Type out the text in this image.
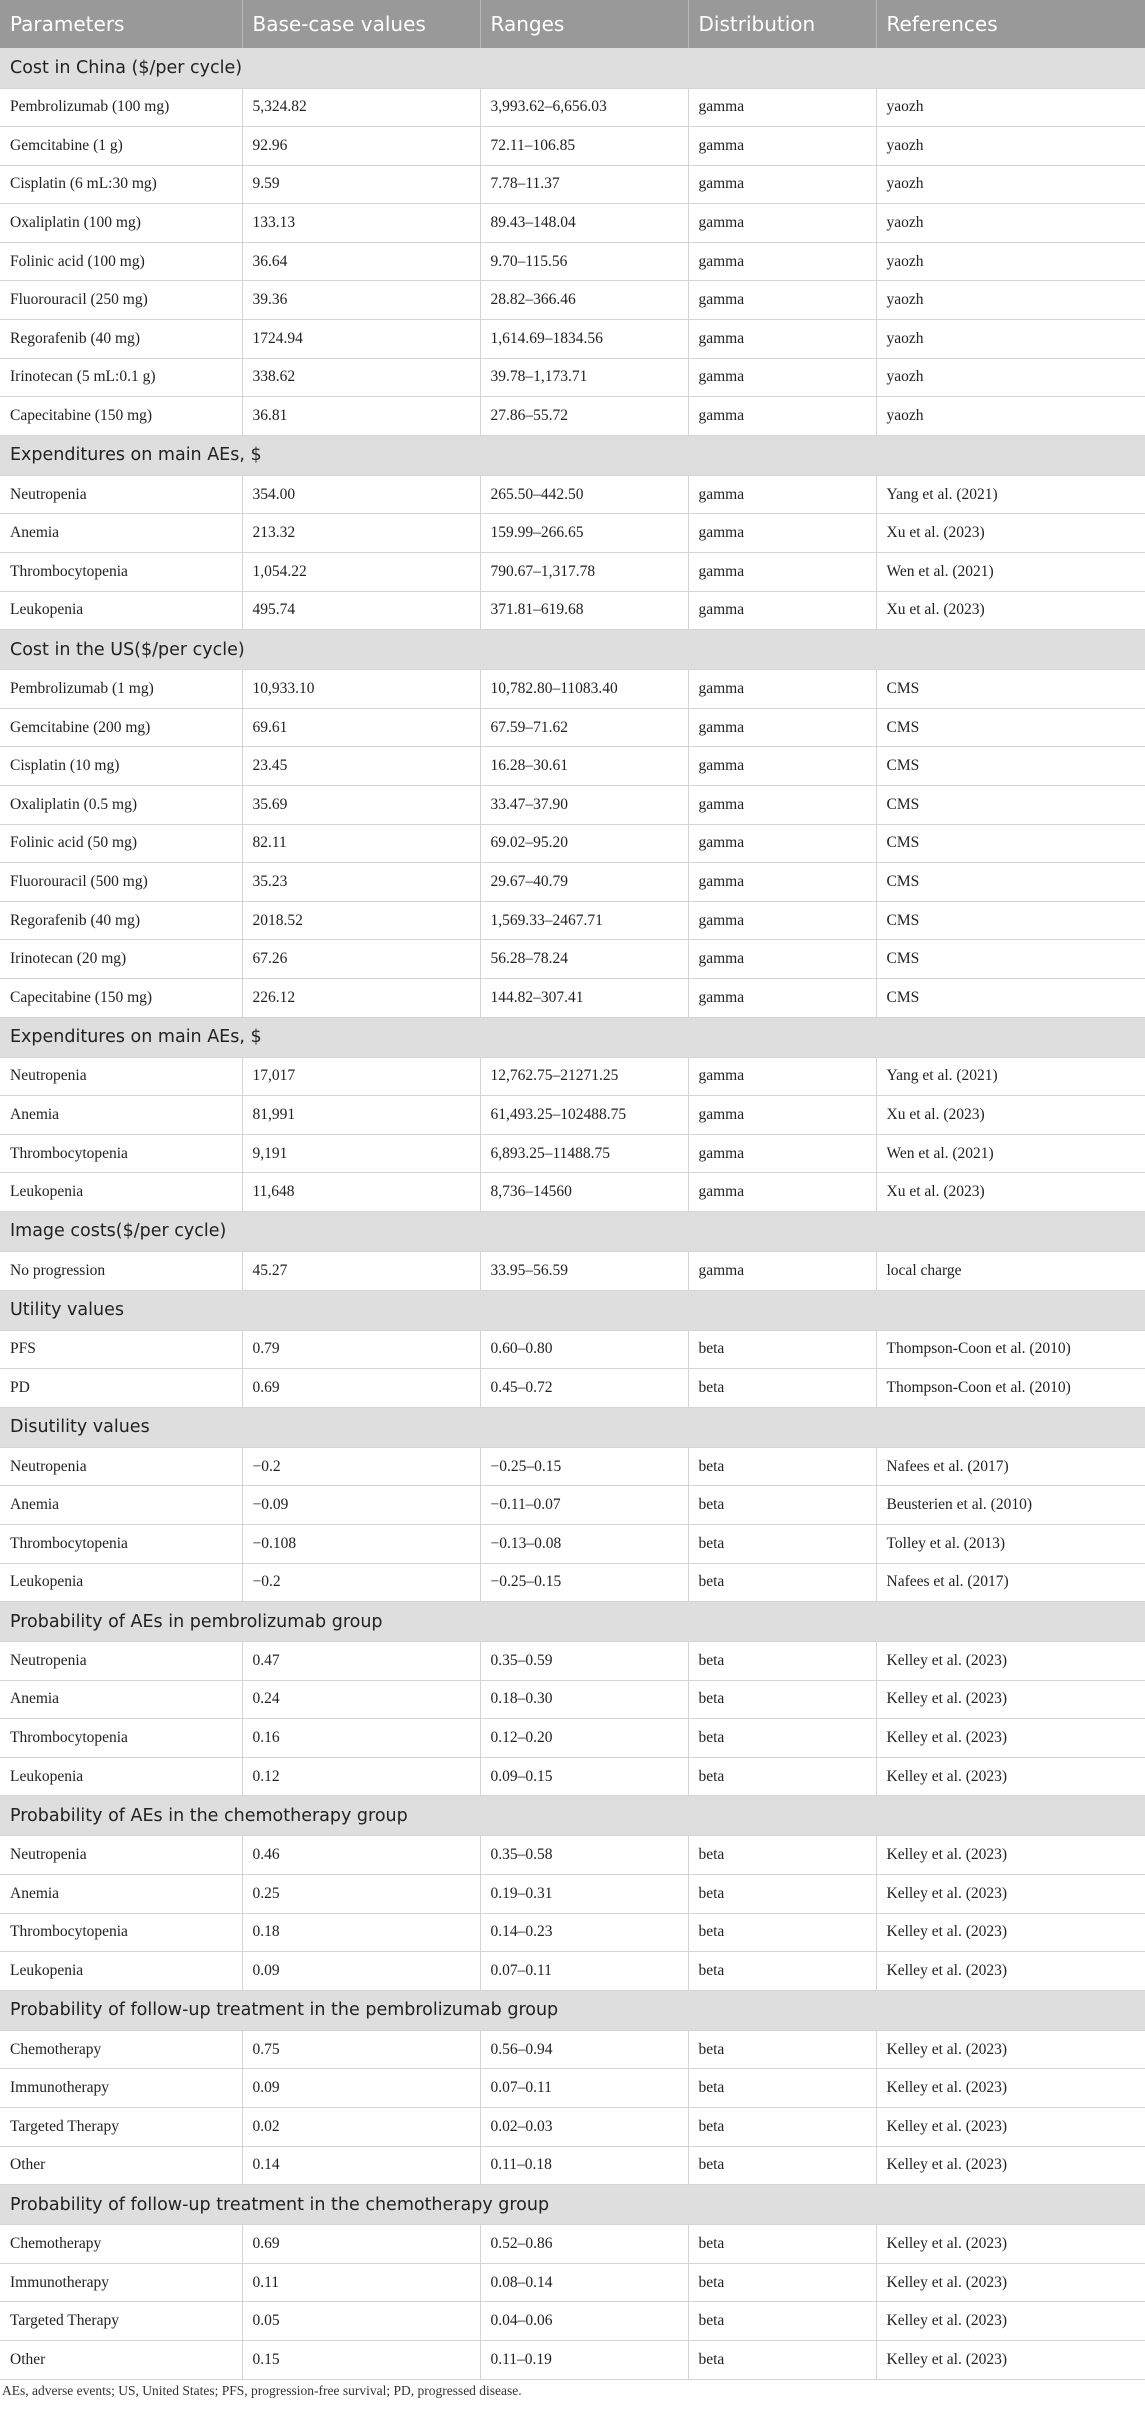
Parameters	Base-case values	Ranges	Distribution	References
Cost in China ($/per cycle)				
Pembrolizumab (100 mg)	5,324.82	3,993.62–6,656.03	gamma	yaozh
Gemcitabine (1 g)	92.96	72.11–106.85	gamma	yaozh
Cisplatin (6 mL:30 mg)	9.59	7.78–11.37	gamma	yaozh
Oxaliplatin (100 mg)	133.13	89.43–148.04	gamma	yaozh
Folinic acid (100 mg)	36.64	9.70–115.56	gamma	yaozh
Fluorouracil (250 mg)	39.36	28.82–366.46	gamma	yaozh
Regorafenib (40 mg)	1724.94	1,614.69–1834.56	gamma	yaozh
Irinotecan (5 mL:0.1 g)	338.62	39.78–1,173.71	gamma	yaozh
Capecitabine (150 mg)	36.81	27.86–55.72	gamma	yaozh
Expenditures on main AEs, $				
Neutropenia	354.00	265.50–442.50	gamma	Yang et al. (2021)
Anemia	213.32	159.99–266.65	gamma	Xu et al. (2023)
Thrombocytopenia	1,054.22	790.67–1,317.78	gamma	Wen et al. (2021)
Leukopenia	495.74	371.81–619.68	gamma	Xu et al. (2023)
Cost in the US($/per cycle)				
Pembrolizumab (1 mg)	10,933.10	10,782.80–11083.40	gamma	CMS
Gemcitabine (200 mg)	69.61	67.59–71.62	gamma	CMS
Cisplatin (10 mg)	23.45	16.28–30.61	gamma	CMS
Oxaliplatin (0.5 mg)	35.69	33.47–37.90	gamma	CMS
Folinic acid (50 mg)	82.11	69.02–95.20	gamma	CMS
Fluorouracil (500 mg)	35.23	29.67–40.79	gamma	CMS
Regorafenib (40 mg)	2018.52	1,569.33–2467.71	gamma	CMS
Irinotecan (20 mg)	67.26	56.28–78.24	gamma	CMS
Capecitabine (150 mg)	226.12	144.82–307.41	gamma	CMS
Expenditures on main AEs, $				
Neutropenia	17,017	12,762.75–21271.25	gamma	Yang et al. (2021)
Anemia	81,991	61,493.25–102488.75	gamma	Xu et al. (2023)
Thrombocytopenia	9,191	6,893.25–11488.75	gamma	Wen et al. (2021)
Leukopenia	11,648	8,736–14560	gamma	Xu et al. (2023)
Image costs($/per cycle)				
No progression	45.27	33.95–56.59	gamma	local charge
Utility values				
PFS	0.79	0.60–0.80	beta	Thompson-Coon et al. (2010)
PD	0.69	0.45–0.72	beta	Thompson-Coon et al. (2010)
Disutility values				
Neutropenia	−0.2	−0.25–0.15	beta	Nafees et al. (2017)
Anemia	−0.09	−0.11–0.07	beta	Beusterien et al. (2010)
Thrombocytopenia	−0.108	−0.13–0.08	beta	Tolley et al. (2013)
Leukopenia	−0.2	−0.25–0.15	beta	Nafees et al. (2017)
Probability of AEs in pembrolizumab group				
Neutropenia	0.47	0.35–0.59	beta	Kelley et al. (2023)
Anemia	0.24	0.18–0.30	beta	Kelley et al. (2023)
Thrombocytopenia	0.16	0.12–0.20	beta	Kelley et al. (2023)
Leukopenia	0.12	0.09–0.15	beta	Kelley et al. (2023)
Probability of AEs in the chemotherapy group				
Neutropenia	0.46	0.35–0.58	beta	Kelley et al. (2023)
Anemia	0.25	0.19–0.31	beta	Kelley et al. (2023)
Thrombocytopenia	0.18	0.14–0.23	beta	Kelley et al. (2023)
Leukopenia	0.09	0.07–0.11	beta	Kelley et al. (2023)
Probability of follow-up treatment in the pembrolizumab group				
Chemotherapy	0.75	0.56–0.94	beta	Kelley et al. (2023)
Immunotherapy	0.09	0.07–0.11	beta	Kelley et al. (2023)
Targeted Therapy	0.02	0.02–0.03	beta	Kelley et al. (2023)
Other	0.14	0.11–0.18	beta	Kelley et al. (2023)
Probability of follow-up treatment in the chemotherapy group				
Chemotherapy	0.69	0.52–0.86	beta	Kelley et al. (2023)
Immunotherapy	0.11	0.08–0.14	beta	Kelley et al. (2023)
Targeted Therapy	0.05	0.04–0.06	beta	Kelley et al. (2023)
Other	0.15	0.11–0.19	beta	Kelley et al. (2023)
AEs, adverse events; US, United States; PFS, progression-free survival; PD, progressed disease.
